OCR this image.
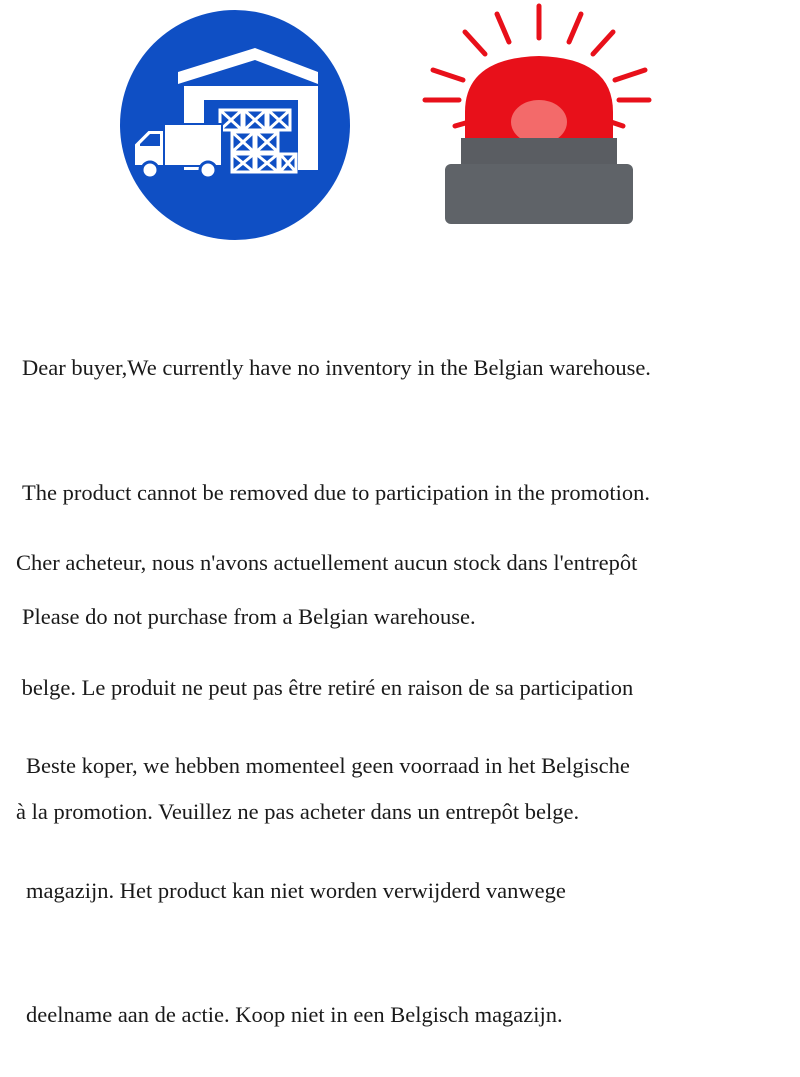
Dear buyer,We currently have no inventory in the Belgian warehouse.

The product cannot be removed due to participation in the promotion.

Please do not purchase from a Belgian warehouse.

Cher acheteur, nous n'avons actuellement aucun stock dans l'entrepôt

belge. Le produit ne peut pas être retiré en raison de sa participation

à la promotion. Veuillez ne pas acheter dans un entrepôt belge.

Beste koper, we hebben momenteel geen voorraad in het Belgische

magazijn. Het product kan niet worden verwijderd vanwege

deelname aan de actie. Koop niet in een Belgisch magazijn.
